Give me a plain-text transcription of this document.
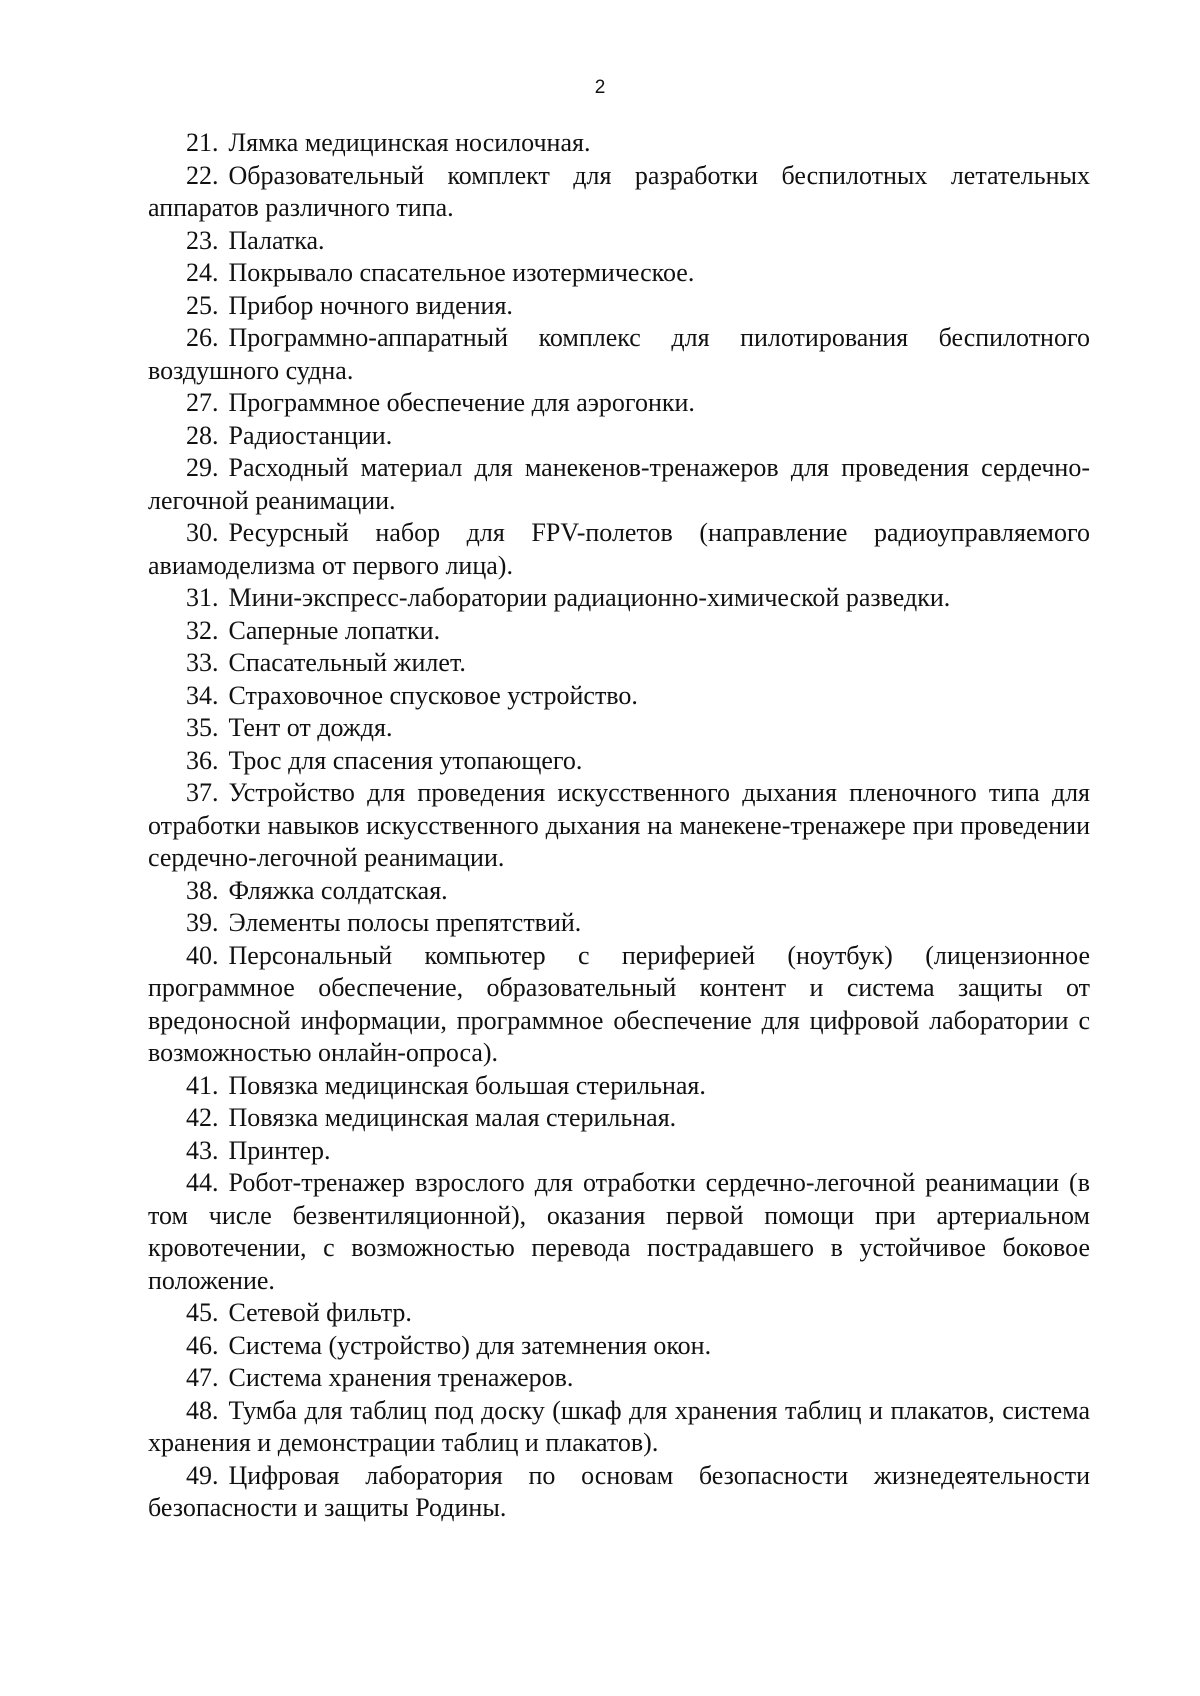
2
21. Лямка медицинская носилочная.
22. Образовательный комплект для разработки беспилотных летательных аппаратов различного типа.
23. Палатка.
24. Покрывало спасательное изотермическое.
25. Прибор ночного видения.
26. Программно-аппаратный комплекс для пилотирования беспилотного воздушного судна.
27. Программное обеспечение для аэрогонки.
28. Радиостанции.
29. Расходный материал для манекенов-тренажеров для проведения сердечно-легочной реанимации.
30. Ресурсный набор для FPV-полетов (направление радиоуправляемого авиамоделизма от первого лица).
31. Мини-экспресс-лаборатории радиационно-химической разведки.
32. Саперные лопатки.
33. Спасательный жилет.
34. Страховочное спусковое устройство.
35. Тент от дождя.
36. Трос для спасения утопающего.
37. Устройство для проведения искусственного дыхания пленочного типа для отработки навыков искусственного дыхания на манекене-тренажере при проведении сердечно-легочной реанимации.
38. Фляжка солдатская.
39. Элементы полосы препятствий.
40. Персональный компьютер с периферией (ноутбук) (лицензионное программное обеспечение, образовательный контент и система защиты от вредоносной информации, программное обеспечение для цифровой лаборатории с возможностью онлайн-опроса).
41. Повязка медицинская большая стерильная.
42. Повязка медицинская малая стерильная.
43. Принтер.
44. Робот-тренажер взрослого для отработки сердечно-легочной реанимации (в том числе безвентиляционной), оказания первой помощи при артериальном кровотечении, с возможностью перевода пострадавшего в устойчивое боковое положение.
45. Сетевой фильтр.
46. Система (устройство) для затемнения окон.
47. Система хранения тренажеров.
48. Тумба для таблиц под доску (шкаф для хранения таблиц и плакатов, система хранения и демонстрации таблиц и плакатов).
49. Цифровая лаборатория по основам безопасности жизнедеятельности безопасности и защиты Родины.
